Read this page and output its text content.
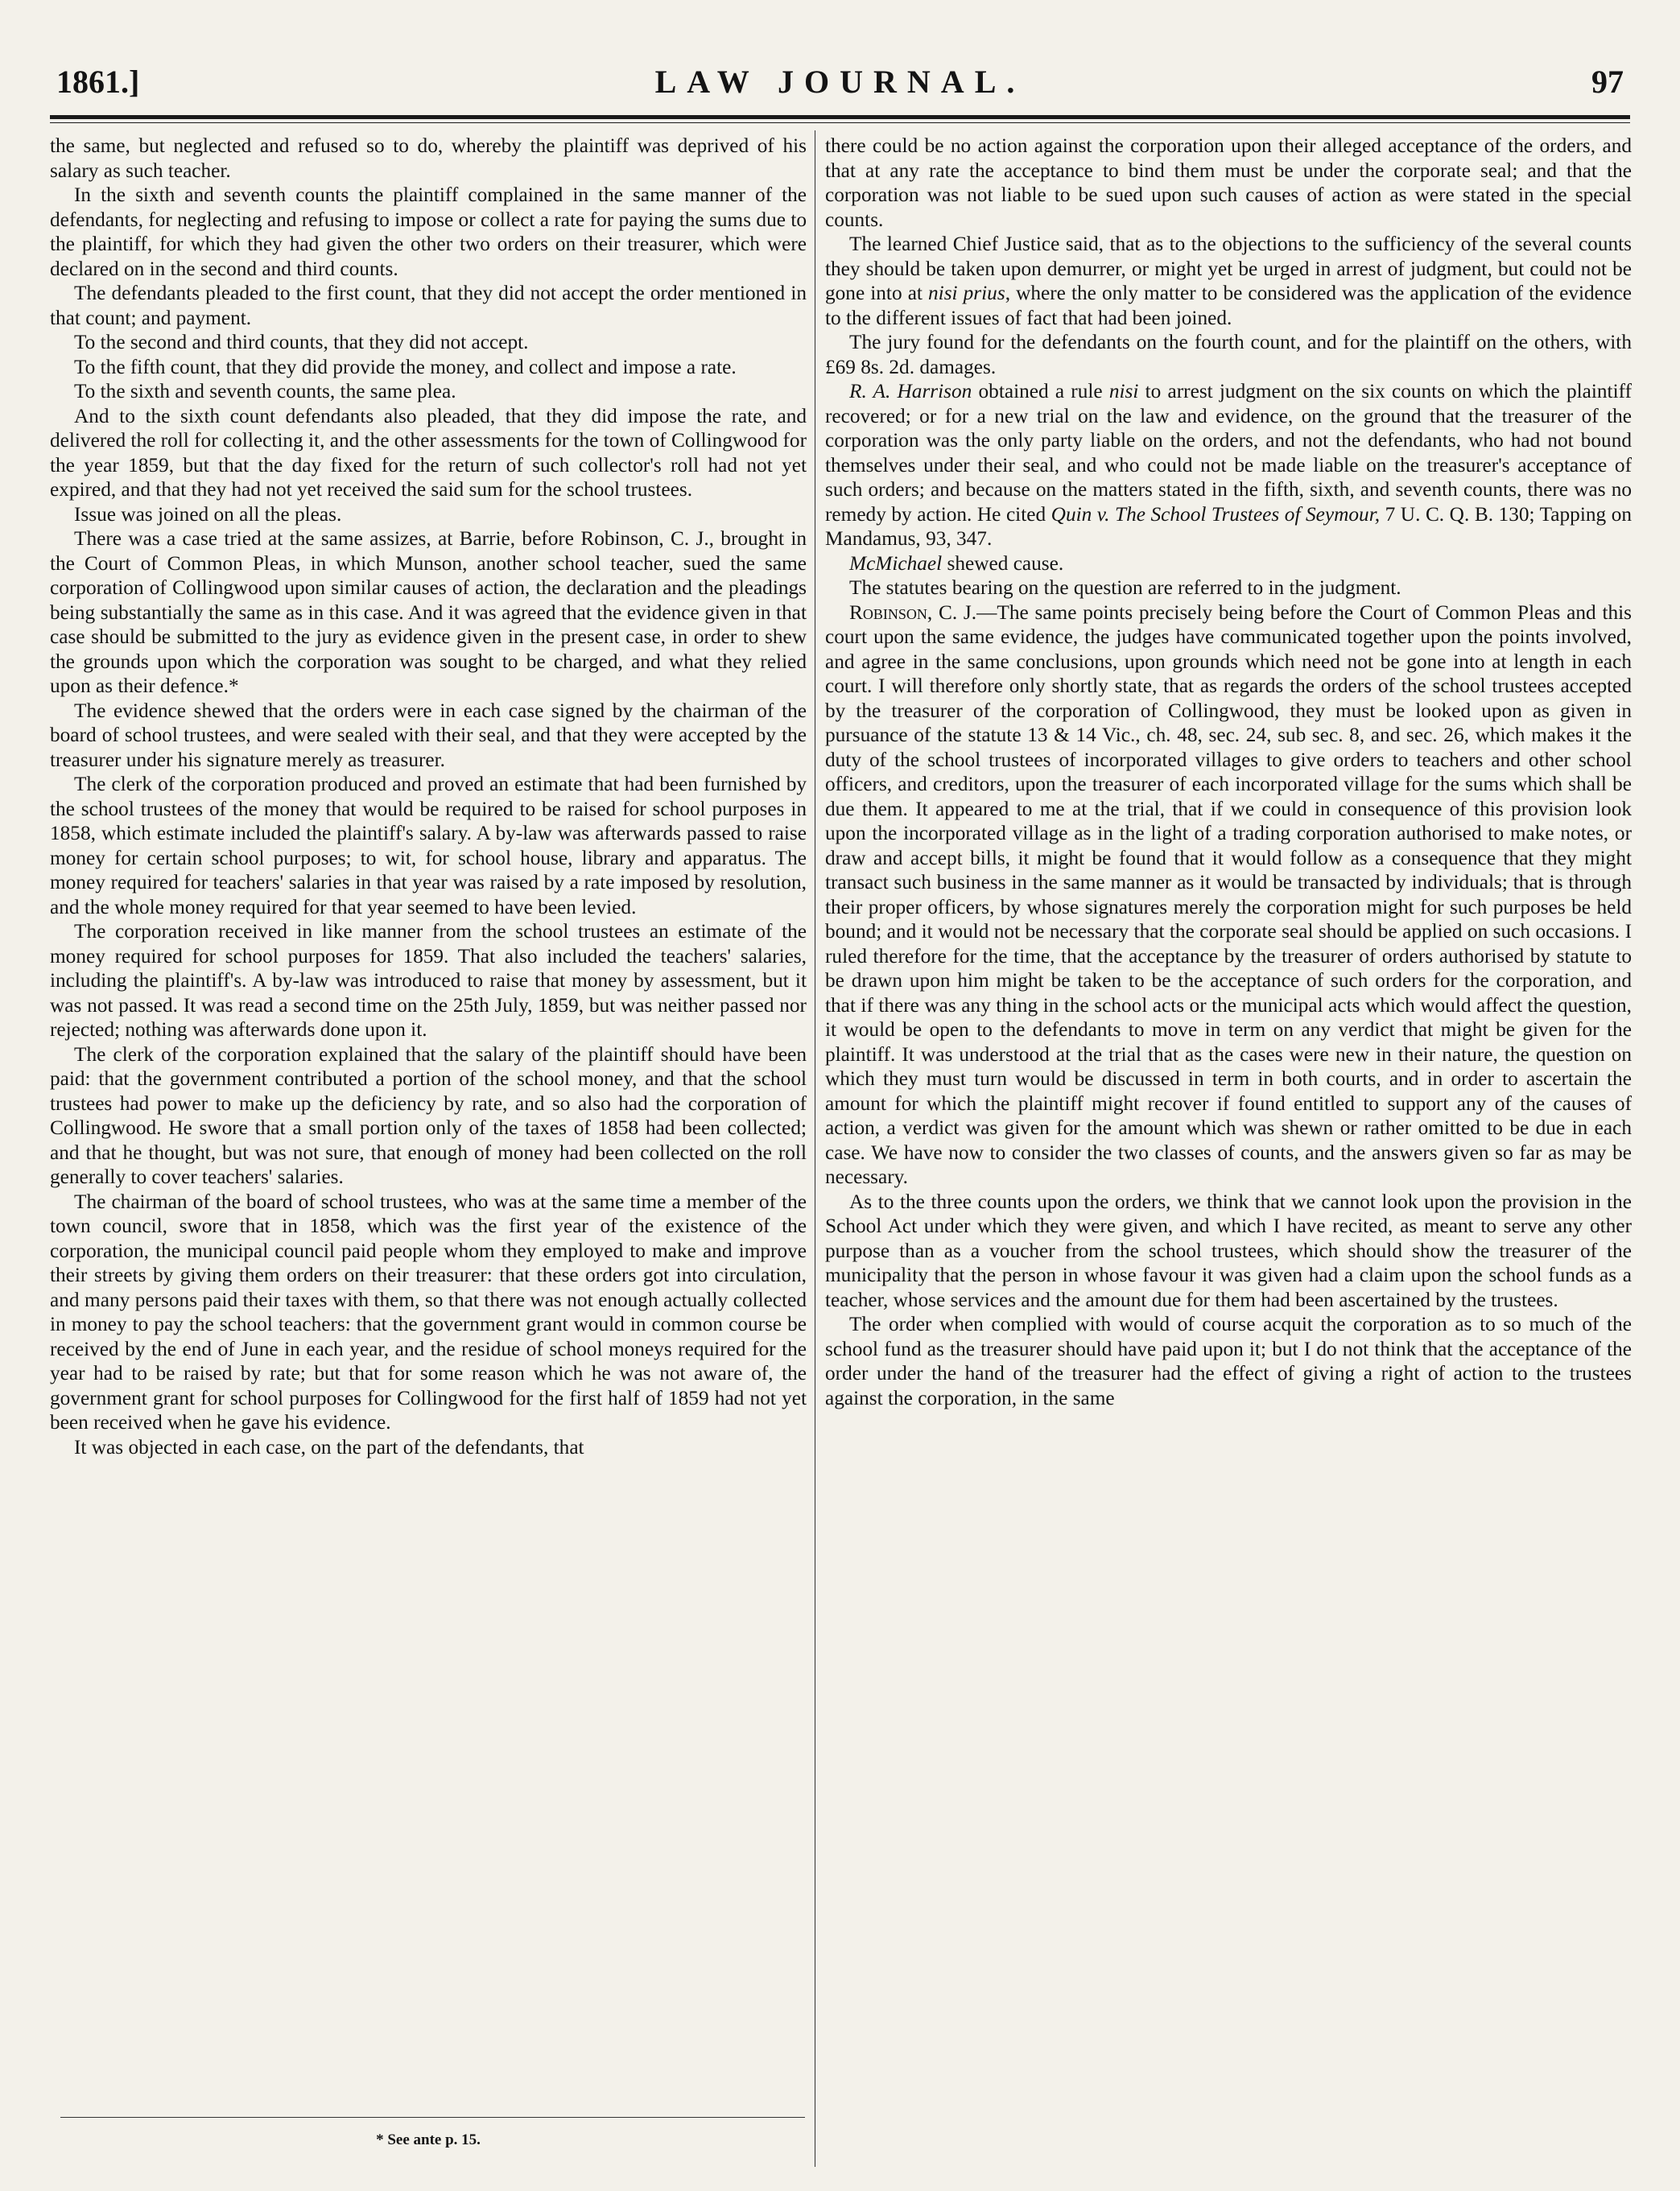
1861.]	LAW JOURNAL.	97

the same, but neglected and refused so to do, whereby the plaintiff was deprived of his salary as such teacher.

In the sixth and seventh counts the plaintiff complained in the same manner of the defendants, for neglecting and refusing to impose or collect a rate for paying the sums due to the plaintiff, for which they had given the other two orders on their treasurer, which were declared on in the second and third counts.

The defendants pleaded to the first count, that they did not accept the order mentioned in that count; and payment.

To the second and third counts, that they did not accept.

To the fifth count, that they did provide the money, and collect and impose a rate.

To the sixth and seventh counts, the same plea.

And to the sixth count defendants also pleaded, that they did impose the rate, and delivered the roll for collecting it, and the other assessments for the town of Collingwood for the year 1859, but that the day fixed for the return of such collector's roll had not yet expired, and that they had not yet received the said sum for the school trustees.

Issue was joined on all the pleas.

There was a case tried at the same assizes, at Barrie, before Robinson, C. J., brought in the Court of Common Pleas, in which Munson, another school teacher, sued the same corporation of Collingwood upon similar causes of action, the declaration and the pleadings being substantially the same as in this case. And it was agreed that the evidence given in that case should be submitted to the jury as evidence given in the present case, in order to shew the grounds upon which the corporation was sought to be charged, and what they relied upon as their defence.*

The evidence shewed that the orders were in each case signed by the chairman of the board of school trustees, and were sealed with their seal, and that they were accepted by the treasurer under his signature merely as treasurer.

The clerk of the corporation produced and proved an estimate that had been furnished by the school trustees of the money that would be required to be raised for school purposes in 1858, which estimate included the plaintiff's salary. A by-law was afterwards passed to raise money for certain school purposes; to wit, for school house, library and apparatus. The money required for teachers' salaries in that year was raised by a rate imposed by resolution, and the whole money required for that year seemed to have been levied.

The corporation received in like manner from the school trustees an estimate of the money required for school purposes for 1859. That also included the teachers' salaries, including the plaintiff's. A by-law was introduced to raise that money by assessment, but it was not passed. It was read a second time on the 25th July, 1859, but was neither passed nor rejected; nothing was afterwards done upon it.

The clerk of the corporation explained that the salary of the plaintiff should have been paid: that the government contributed a portion of the school money, and that the school trustees had power to make up the deficiency by rate, and so also had the corporation of Collingwood. He swore that a small portion only of the taxes of 1858 had been collected; and that he thought, but was not sure, that enough of money had been collected on the roll generally to cover teachers' salaries.

The chairman of the board of school trustees, who was at the same time a member of the town council, swore that in 1858, which was the first year of the existence of the corporation, the municipal council paid people whom they employed to make and improve their streets by giving them orders on their treasurer: that these orders got into circulation, and many persons paid their taxes with them, so that there was not enough actually collected in money to pay the school teachers: that the government grant would in common course be received by the end of June in each year, and the residue of school moneys required for the year had to be raised by rate; but that for some reason which he was not aware of, the government grant for school purposes for Collingwood for the first half of 1859 had not yet been received when he gave his evidence.

It was objected in each case, on the part of the defendants, that

there could be no action against the corporation upon their alleged acceptance of the orders, and that at any rate the acceptance to bind them must be under the corporate seal; and that the corporation was not liable to be sued upon such causes of action as were stated in the special counts.

The learned Chief Justice said, that as to the objections to the sufficiency of the several counts they should be taken upon demurrer, or might yet be urged in arrest of judgment, but could not be gone into at nisi prius, where the only matter to be considered was the application of the evidence to the different issues of fact that had been joined.

The jury found for the defendants on the fourth count, and for the plaintiff on the others, with £69 8s. 2d. damages.

R. A. Harrison obtained a rule nisi to arrest judgment on the six counts on which the plaintiff recovered; or for a new trial on the law and evidence, on the ground that the treasurer of the corporation was the only party liable on the orders, and not the defendants, who had not bound themselves under their seal, and who could not be made liable on the treasurer's acceptance of such orders; and because on the matters stated in the fifth, sixth, and seventh counts, there was no remedy by action. He cited Quin v. The School Trustees of Seymour, 7 U. C. Q. B. 130; Tapping on Mandamus, 93, 347.

McMichael shewed cause.

The statutes bearing on the question are referred to in the judgment.

Robinson, C. J.—The same points precisely being before the Court of Common Pleas and this court upon the same evidence, the judges have communicated together upon the points involved, and agree in the same conclusions, upon grounds which need not be gone into at length in each court. I will therefore only shortly state, that as regards the orders of the school trustees accepted by the treasurer of the corporation of Collingwood, they must be looked upon as given in pursuance of the statute 13 & 14 Vic., ch. 48, sec. 24, sub sec. 8, and sec. 26, which makes it the duty of the school trustees of incorporated villages to give orders to teachers and other school officers, and creditors, upon the treasurer of each incorporated village for the sums which shall be due them. It appeared to me at the trial, that if we could in consequence of this provision look upon the incorporated village as in the light of a trading corporation authorised to make notes, or draw and accept bills, it might be found that it would follow as a consequence that they might transact such business in the same manner as it would be transacted by individuals; that is through their proper officers, by whose signatures merely the corporation might for such purposes be held bound; and it would not be necessary that the corporate seal should be applied on such occasions. I ruled therefore for the time, that the acceptance by the treasurer of orders authorised by statute to be drawn upon him might be taken to be the acceptance of such orders for the corporation, and that if there was any thing in the school acts or the municipal acts which would affect the question, it would be open to the defendants to move in term on any verdict that might be given for the plaintiff. It was understood at the trial that as the cases were new in their nature, the question on which they must turn would be discussed in term in both courts, and in order to ascertain the amount for which the plaintiff might recover if found entitled to support any of the causes of action, a verdict was given for the amount which was shewn or rather omitted to be due in each case. We have now to consider the two classes of counts, and the answers given so far as may be necessary.

As to the three counts upon the orders, we think that we cannot look upon the provision in the School Act under which they were given, and which I have recited, as meant to serve any other purpose than as a voucher from the school trustees, which should show the treasurer of the municipality that the person in whose favour it was given had a claim upon the school funds as a teacher, whose services and the amount due for them had been ascertained by the trustees.

The order when complied with would of course acquit the corporation as to so much of the school fund as the treasurer should have paid upon it; but I do not think that the acceptance of the order under the hand of the treasurer had the effect of giving a right of action to the trustees against the corporation, in the same

* See ante p. 15.
